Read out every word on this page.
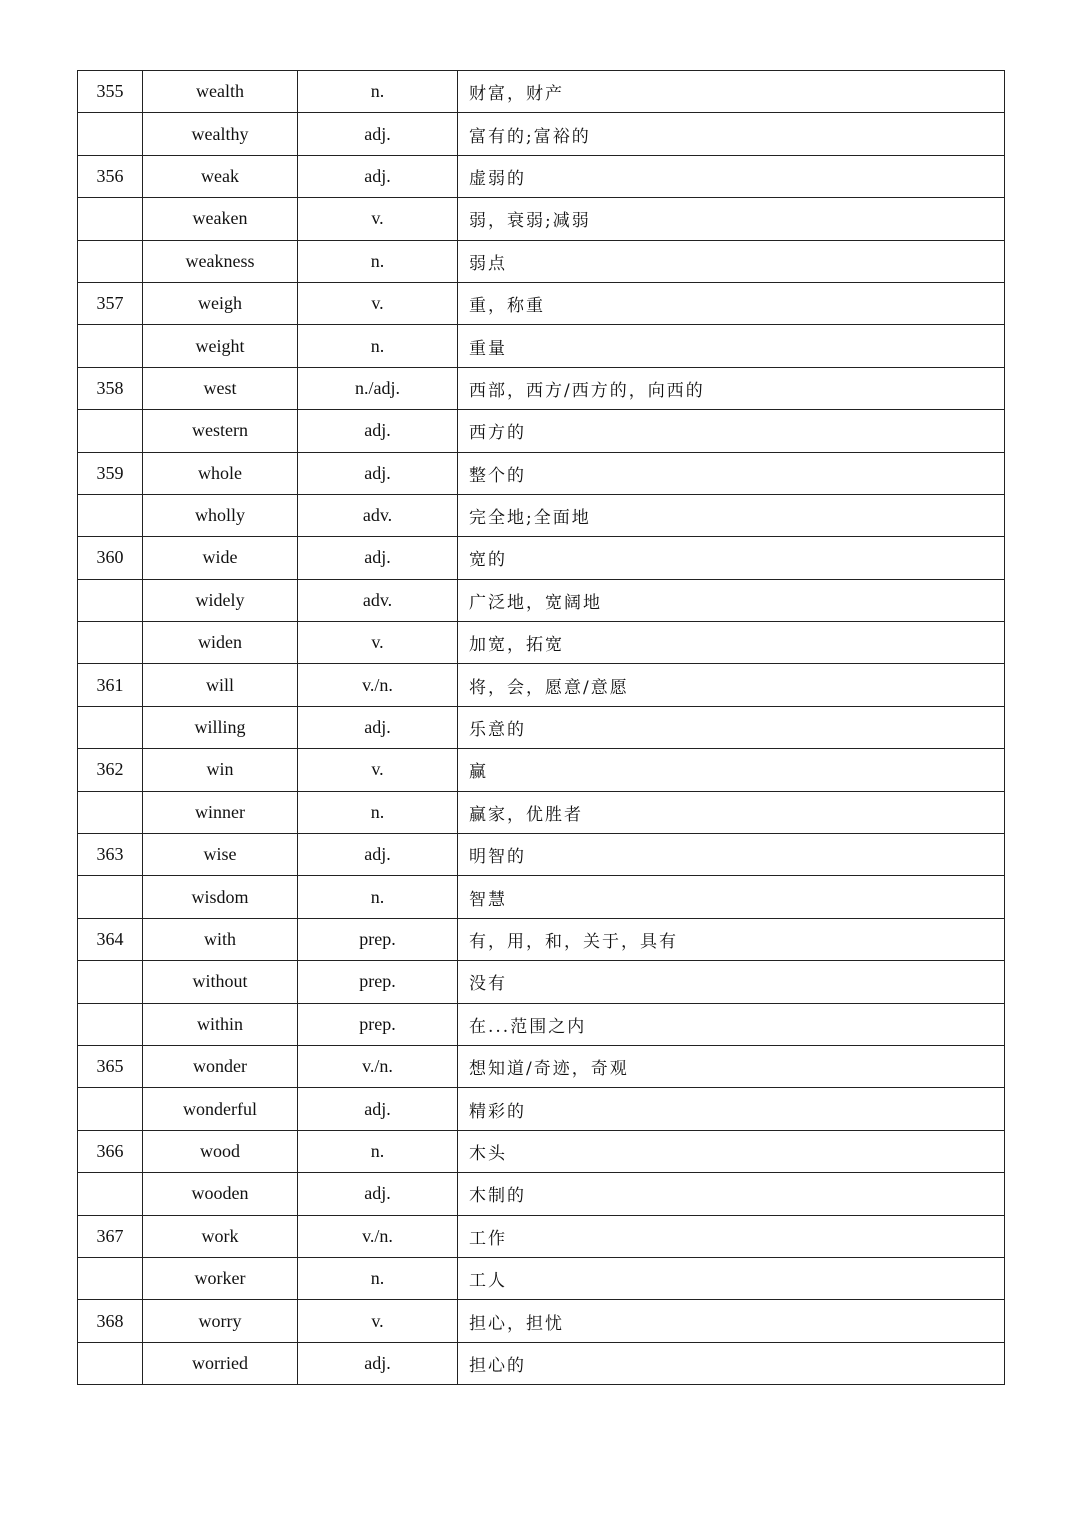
355	wealth	n.	财富，财产
	wealthy	adj.	富有的;富裕的
356	weak	adj.	虚弱的
	weaken	v.	弱，衰弱;减弱
	weakness	n.	弱点
357	weigh	v.	重，称重
	weight	n.	重量
358	west	n./adj.	西部，西方/西方的，向西的
	western	adj.	西方的
359	whole	adj.	整个的
	wholly	adv.	完全地;全面地
360	wide	adj.	宽的
	widely	adv.	广泛地，宽阔地
	widen	v.	加宽，拓宽
361	will	v./n.	将，会，愿意/意愿
	willing	adj.	乐意的
362	win	v.	赢
	winner	n.	赢家，优胜者
363	wise	adj.	明智的
	wisdom	n.	智慧
364	with	prep.	有，用，和，关于，具有
	without	prep.	没有
	within	prep.	在...范围之内
365	wonder	v./n.	想知道/奇迹，奇观
	wonderful	adj.	精彩的
366	wood	n.	木头
	wooden	adj.	木制的
367	work	v./n.	工作
	worker	n.	工人
368	worry	v.	担心，担忧
	worried	adj.	担心的
